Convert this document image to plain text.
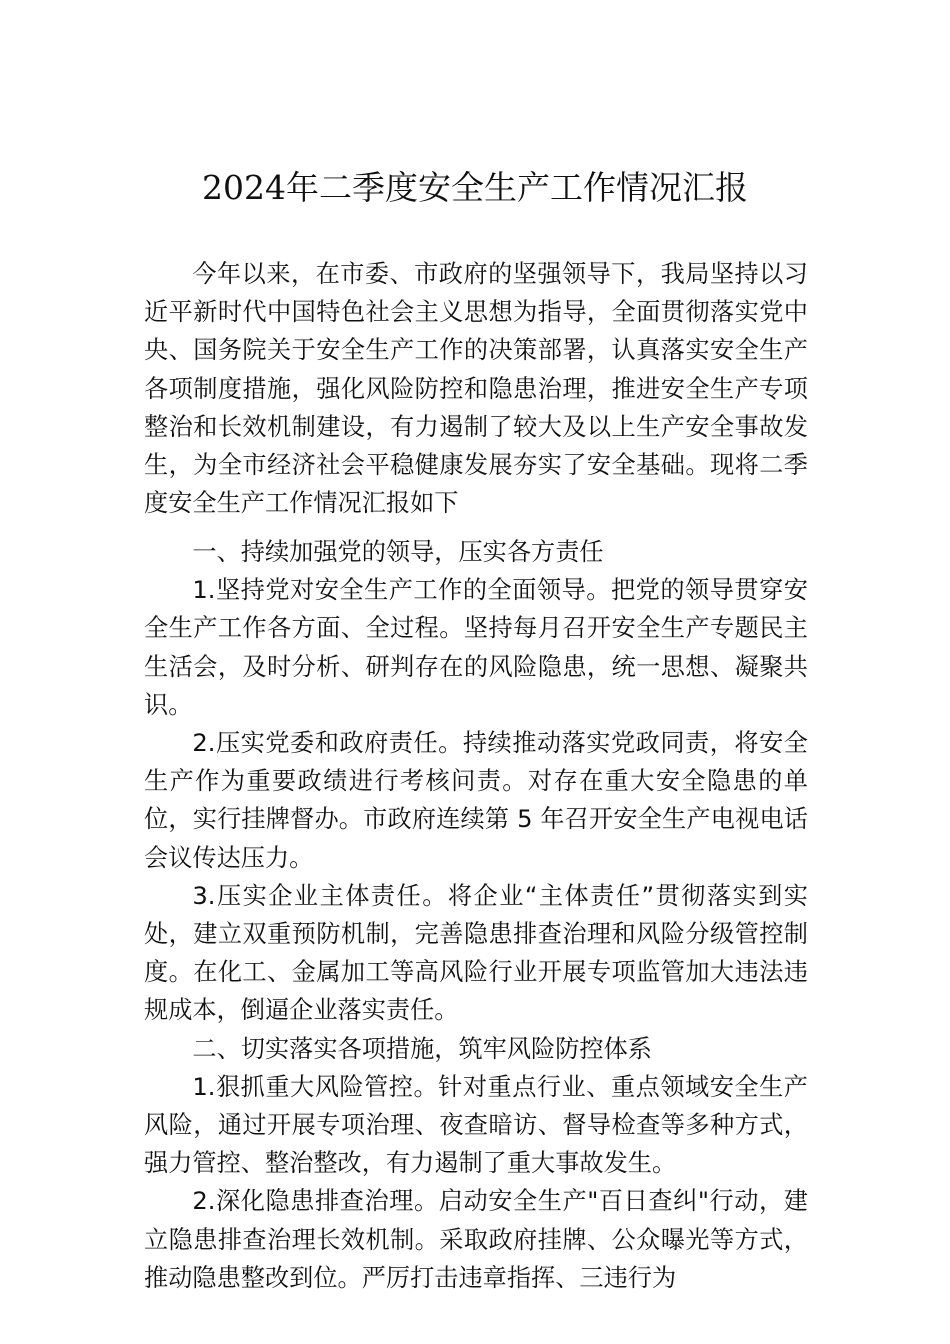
2024年二季度安全生产工作情况汇报

今年以来，在市委、市政府的坚强领导下，我局坚持以习近平新时代中国特色社会主义思想为指导，全面贯彻落实党中央、国务院关于安全生产工作的决策部署，认真落实安全生产各项制度措施，强化风险防控和隐患治理，推进安全生产专项整治和长效机制建设，有力遏制了较大及以上生产安全事故发生，为全市经济社会平稳健康发展夯实了安全基础。现将二季度安全生产工作情况汇报如下

一、持续加强党的领导，压实各方责任

1.坚持党对安全生产工作的全面领导。把党的领导贯穿安全生产工作各方面、全过程。坚持每月召开安全生产专题民主生活会，及时分析、研判存在的风险隐患，统一思想、凝聚共识。

2.压实党委和政府责任。持续推动落实党政同责，将安全生产作为重要政绩进行考核问责。对存在重大安全隐患的单位，实行挂牌督办。市政府连续第 5 年召开安全生产电视电话会议传达压力。

3.压实企业主体责任。将企业“主体责任”贯彻落实到实处，建立双重预防机制，完善隐患排查治理和风险分级管控制度。在化工、金属加工等高风险行业开展专项监管加大违法违规成本，倒逼企业落实责任。

二、切实落实各项措施，筑牢风险防控体系

1.狠抓重大风险管控。针对重点行业、重点领域安全生产风险，通过开展专项治理、夜查暗访、督导检查等多种方式，强力管控、整治整改，有力遏制了重大事故发生。

2.深化隐患排查治理。启动安全生产"百日查纠"行动，建立隐患排查治理长效机制。采取政府挂牌、公众曝光等方式，推动隐患整改到位。严厉打击违章指挥、三违行为
